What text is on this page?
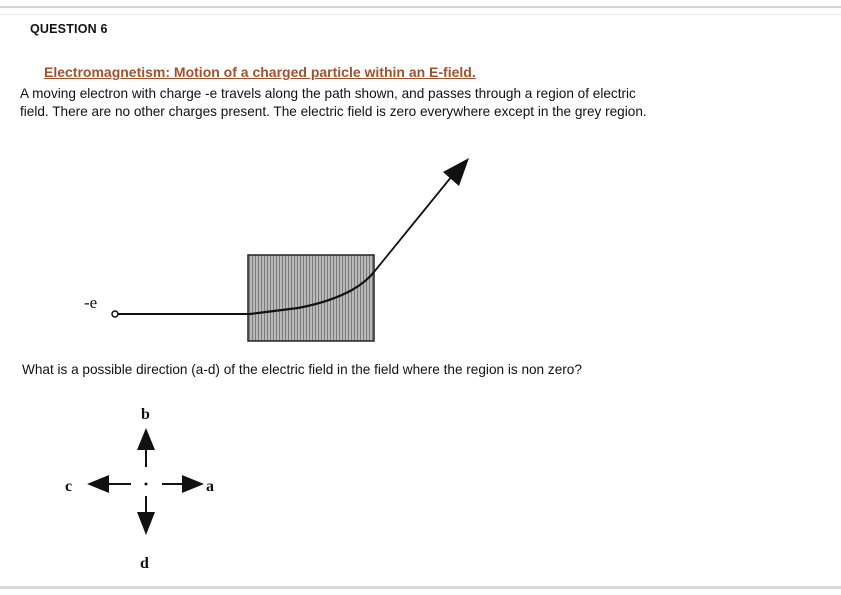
QUESTION 6
Electromagnetism: Motion of a charged particle within an E-field.
A moving electron with charge -e travels along the path shown, and passes through a region of electric
field. There are no other charges present. The electric field is zero everywhere except in the grey region.
-e
b
c	a
d
What is a possible direction (a-d) of the electric field in the field where the region is non zero?
